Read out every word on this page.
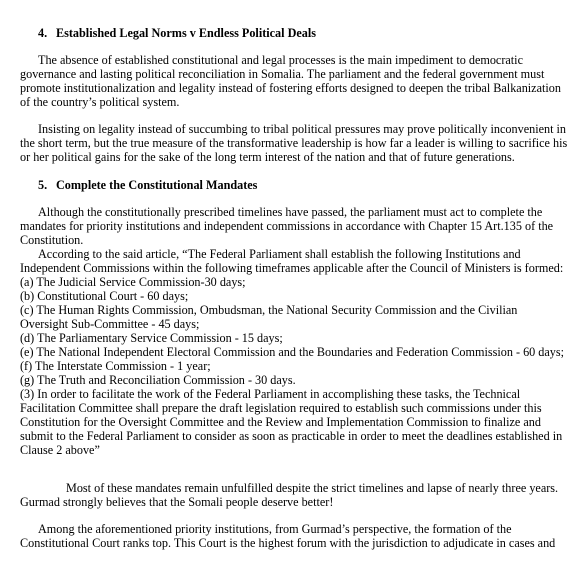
4. Established Legal Norms v Endless Political Deals
The absence of established constitutional and legal processes is the main impediment to democratic
governance and lasting political reconciliation in Somalia. The parliament and the federal government must
promote institutionalization and legality instead of fostering efforts designed to deepen the tribal Balkanization
of the country’s political system.
Insisting on legality instead of succumbing to tribal political pressures may prove politically inconvenient in
the short term, but the true measure of the transformative leadership is how far a leader is willing to sacrifice his
or her political gains for the sake of the long term interest of the nation and that of future generations.
5. Complete the Constitutional Mandates
Although the constitutionally prescribed timelines have passed, the parliament must act to complete the
mandates for priority institutions and independent commissions in accordance with Chapter 15 Art.135 of the
Constitution.
According to the said article, “The Federal Parliament shall establish the following Institutions and
Independent Commissions within the following timeframes applicable after the Council of Ministers is formed:
(a) The Judicial Service Commission-30 days;
(b) Constitutional Court - 60 days;
(c) The Human Rights Commission, Ombudsman, the National Security Commission and the Civilian
Oversight Sub-Committee - 45 days;
(d) The Parliamentary Service Commission - 15 days;
(e) The National Independent Electoral Commission and the Boundaries and Federation Commission - 60 days;
(f) The Interstate Commission - 1 year;
(g) The Truth and Reconciliation Commission - 30 days.
(3) In order to facilitate the work of the Federal Parliament in accomplishing these tasks, the Technical
Facilitation Committee shall prepare the draft legislation required to establish such commissions under this
Constitution for the Oversight Committee and the Review and Implementation Commission to finalize and
submit to the Federal Parliament to consider as soon as practicable in order to meet the deadlines established in
Clause 2 above”
Most of these mandates remain unfulfilled despite the strict timelines and lapse of nearly three years.
Gurmad strongly believes that the Somali people deserve better!
Among the aforementioned priority institutions, from Gurmad’s perspective, the formation of the
Constitutional Court ranks top. This Court is the highest forum with the jurisdiction to adjudicate in cases and
